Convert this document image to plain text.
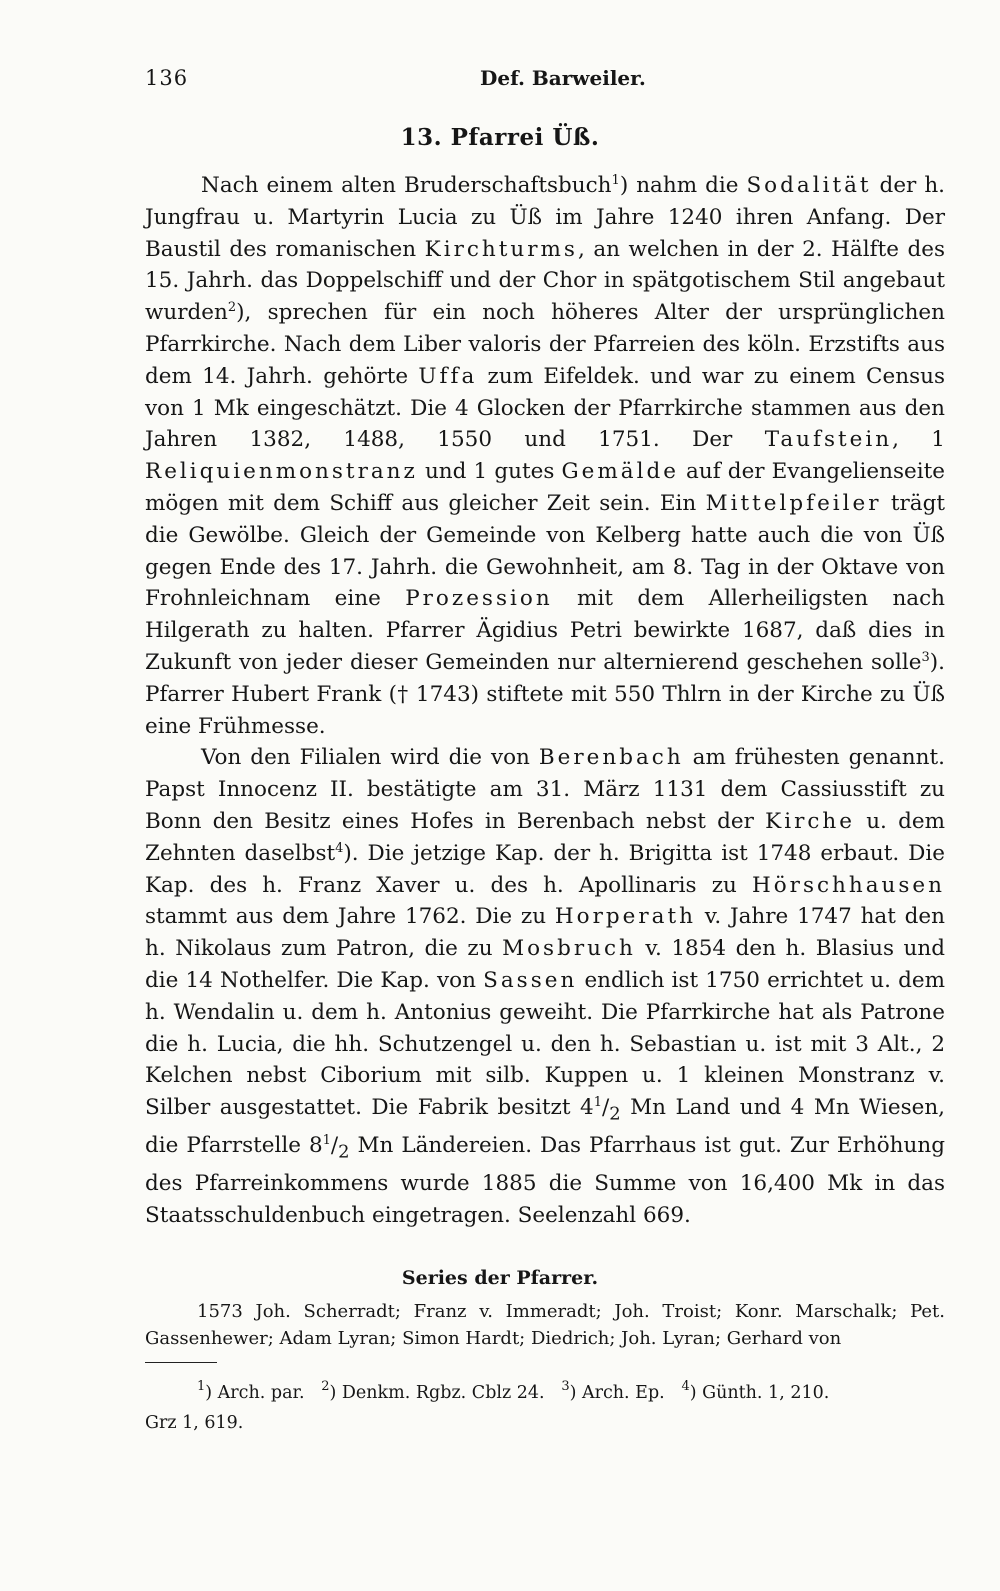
136	Def. Barweiler.
13. Pfarrei Üß.

Nach einem alten Bruderschaftsbuch$^1$) nahm die Sodalität der h. Jungfrau u. Martyrin Lucia zu Üß im Jahre 1240 ihren Anfang. Der Baustil des romanischen Kirchturms, an welchen in der 2. Hälfte des 15. Jahrh. das Doppelschiff und der Chor in spätgotischem Stil angebaut wurden$^2$), sprechen für ein noch höheres Alter der ursprünglichen Pfarrkirche. Nach dem Liber valoris der Pfarreien des köln. Erzstifts aus dem 14. Jahrh. gehörte Uffa zum Eifeldek. und war zu einem Census von 1 Mk eingeschätzt. Die 4 Glocken der Pfarrkirche stammen aus den Jahren 1382, 1488, 1550 und 1751. Der Taufstein, 1 Reliquienmonstranz und 1 gutes Gemälde auf der Evangelienseite mögen mit dem Schiff aus gleicher Zeit sein. Ein Mittelpfeiler trägt die Gewölbe. Gleich der Gemeinde von Kelberg hatte auch die von Üß gegen Ende des 17. Jahrh. die Gewohnheit, am 8. Tag in der Oktave von Frohnleichnam eine Prozession mit dem Allerheiligsten nach Hilgerath zu halten. Pfarrer Ägidius Petri bewirkte 1687, daß dies in Zukunft von jeder dieser Gemeinden nur alternierend geschehen solle$^3$). Pfarrer Hubert Frank († 1743) stiftete mit 550 Thlrn in der Kirche zu Üß eine Frühmesse.

Von den Filialen wird die von Berenbach am frühesten genannt. Papst Innocenz II. bestätigte am 31. März 1131 dem Cassiusstift zu Bonn den Besitz eines Hofes in Berenbach nebst der Kirche u. dem Zehnten daselbst$^4$). Die jetzige Kap. der h. Brigitta ist 1748 erbaut. Die Kap. des h. Franz Xaver u. des h. Apollinaris zu Hörschhausen stammt aus dem Jahre 1762. Die zu Horperath v. Jahre 1747 hat den h. Nikolaus zum Patron, die zu Mosbruch v. 1854 den h. Blasius und die 14 Nothelfer. Die Kap. von Sassen endlich ist 1750 errichtet u. dem h. Wendalin u. dem h. Antonius geweiht. Die Pfarrkirche hat als Patrone die h. Lucia, die hh. Schutzengel u. den h. Sebastian u. ist mit 3 Alt., 2 Kelchen nebst Ciborium mit silb. Kuppen u. 1 kleinen Monstranz v. Silber ausgestattet. Die Fabrik besitzt $4^1/_2$ Mn Land und 4 Mn Wiesen, die Pfarrstelle $8^1/_2$ Mn Ländereien. Das Pfarrhaus ist gut. Zur Erhöhung des Pfarreinkommens wurde 1885 die Summe von 16,400 Mk in das Staatsschuldenbuch eingetragen. Seelenzahl 669.

Series der Pfarrer.

1573 Joh. Scherradt; Franz v. Immeradt; Joh. Troist; Konr. Marschalk; Pet. Gassenhewer; Adam Lyran; Simon Hardt; Diedrich; Joh. Lyran; Gerhard von

$^1$) Arch. par. $^2$) Denkm. Rgbz. Cblz 24. $^3$) Arch. Ep. $^4$) Günth. 1, 210.

Grz 1, 619.
